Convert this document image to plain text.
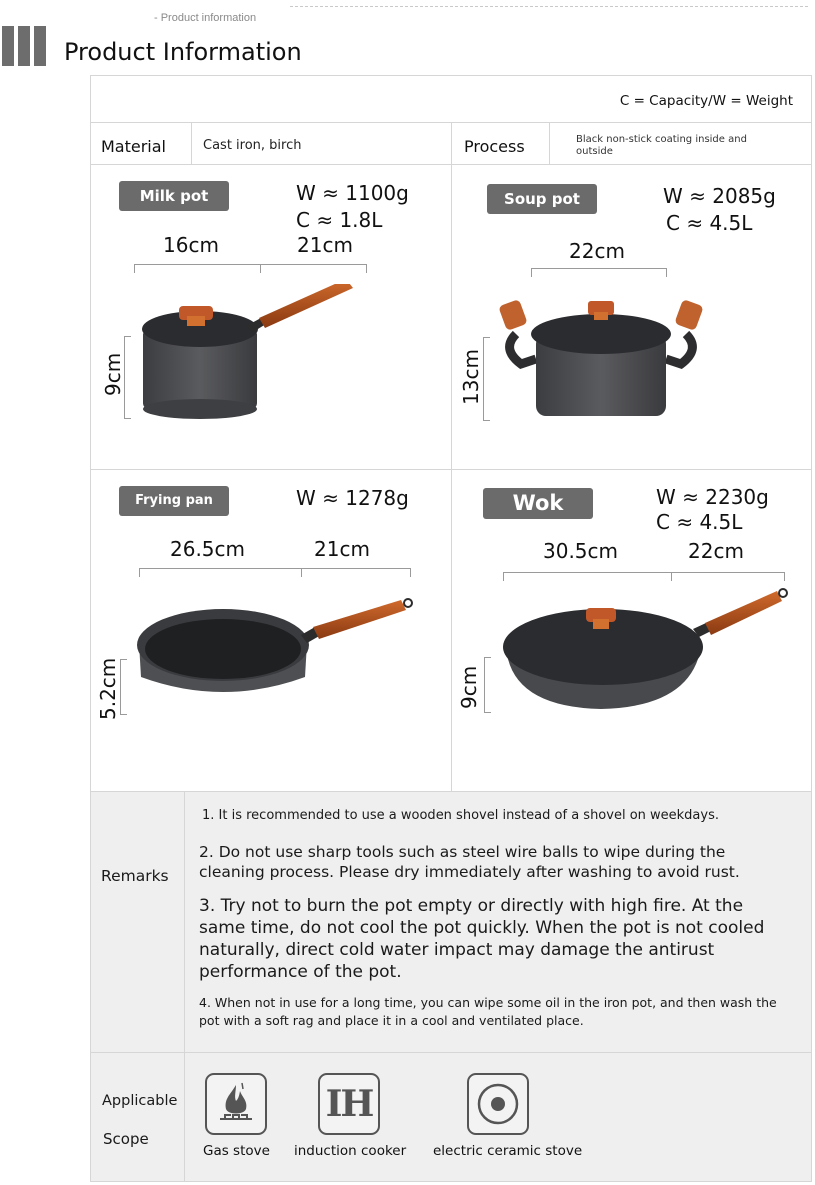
- Product information
Product Information
C = Capacity/W = Weight
Material	Cast iron, birch	Process	Black non-stick coating inside and outside
Milk pot	W ≈ 1100g
C ≈ 1.8L
16cm	21cm
9cm
Soup pot	W ≈ 2085g
C ≈ 4.5L
22cm
13cm
Frying pan	W ≈ 1278g
26.5cm	21cm
5.2cm
Wok	W ≈ 2230g
C ≈ 4.5L
30.5cm	22cm
9cm
Remarks
1. It is recommended to use a wooden shovel instead of a shovel on weekdays.
2. Do not use sharp tools such as steel wire balls to wipe during the cleaning process. Please dry immediately after washing to avoid rust.
3. Try not to burn the pot empty or directly with high fire. At the same time, do not cool the pot quickly. When the pot is not cooled naturally, direct cold water impact may damage the antirust performance of the pot.
4. When not in use for a long time, you can wipe some oil in the iron pot, and then wash the pot with a soft rag and place it in a cool and ventilated place.
Applicable
Scope
Gas stove
IH
induction cooker electric ceramic stove
